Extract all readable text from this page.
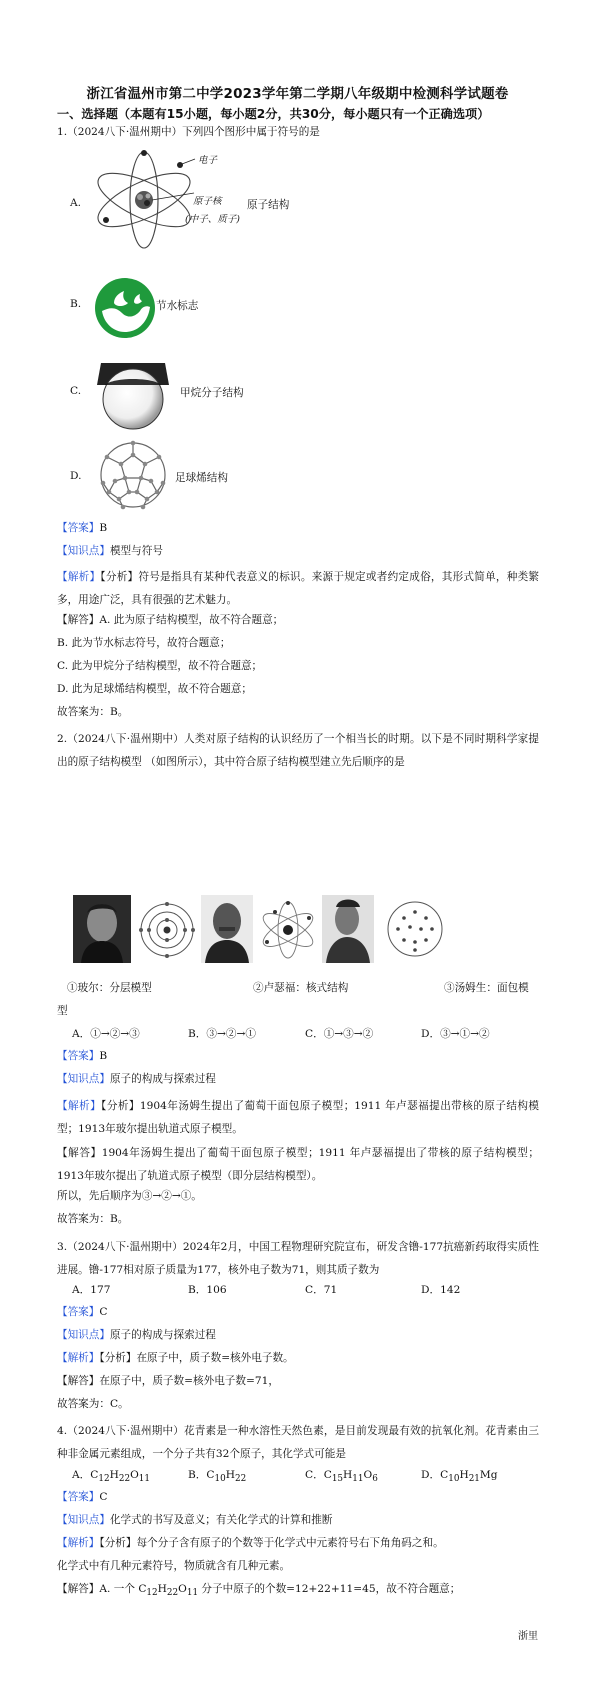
浙江省温州市第二中学2023学年第二学期八年级期中检测科学试题卷
一、选择题（本题有15小题，每小题2分，共30分，每小题只有一个正确选项）
1.（2024八下·温州期中）下列四个图形中属于符号的是
A.
电子
原子核
(中子、质子)
原子结构
B.	节水标志
C.	甲烷分子结构
D.	足球烯结构
【答案】B
【知识点】模型与符号
【解析】【分析】符号是指具有某种代表意义的标识。来源于规定或者约定成俗，其形式简单，种类繁多，用途广泛，具有很强的艺术魅力。
【解答】A. 此为原子结构模型，故不符合题意；
B. 此为节水标志符号，故符合题意；
C. 此为甲烷分子结构模型，故不符合题意；
D. 此为足球烯结构模型，故不符合题意；
故答案为：B。
2.（2024八下·温州期中）人类对原子结构的认识经历了一个相当长的时期。以下是不同时期科学家提出的原子结构模型 （如图所示），其中符合原子结构模型建立先后顺序的是
①玻尔：分层模型	②卢瑟福：核式结构	③汤姆生：面包模
型
A．①→②→③	B．③→②→①	C．①→③→②	D．③→①→②
【答案】B
【知识点】原子的构成与探索过程
【解析】【分析】1904年汤姆生提出了葡萄干面包原子模型；1911 年卢瑟福提出带核的原子结构模型；1913年玻尔提出轨道式原子模型。
【解答】1904年汤姆生提出了葡萄干面包原子模型；1911 年卢瑟福提出了带核的原子结构模型；1913年玻尔提出了轨道式原子模型（即分层结构模型）。
所以，先后顺序为③→②→①。
故答案为：B。
3.（2024八下·温州期中）2024年2月，中国工程物理研究院宣布，研发含镥-177抗癌新药取得实质性进展。镥-177相对原子质量为177，核外电子数为71，则其质子数为
A．177	B．106	C．71	D．142
【答案】C
【知识点】原子的构成与探索过程
【解析】【分析】在原子中，质子数=核外电子数。
【解答】在原子中，质子数=核外电子数=71，
故答案为：C。
4.（2024八下·温州期中）花青素是一种水溶性天然色素，是目前发现最有效的抗氧化剂。花青素由三种非金属元素组成，一个分子共有32个原子，其化学式可能是
A．$C_{12}H_{22}O_{11}$	B．$C_{10}H_{22}$	C．$C_{15}H_{11}O_6$	D．$C_{10}H_{21}Mg$
【答案】C
【知识点】化学式的书写及意义；有关化学式的计算和推断
【解析】【分析】每个分子含有原子的个数等于化学式中元素符号右下角角码之和。
化学式中有几种元素符号，物质就含有几种元素。
【解答】A. 一个 $C_{12}H_{22}O_{11}$ 分子中原子的个数=12+22+11=45，故不符合题意；
浙里
